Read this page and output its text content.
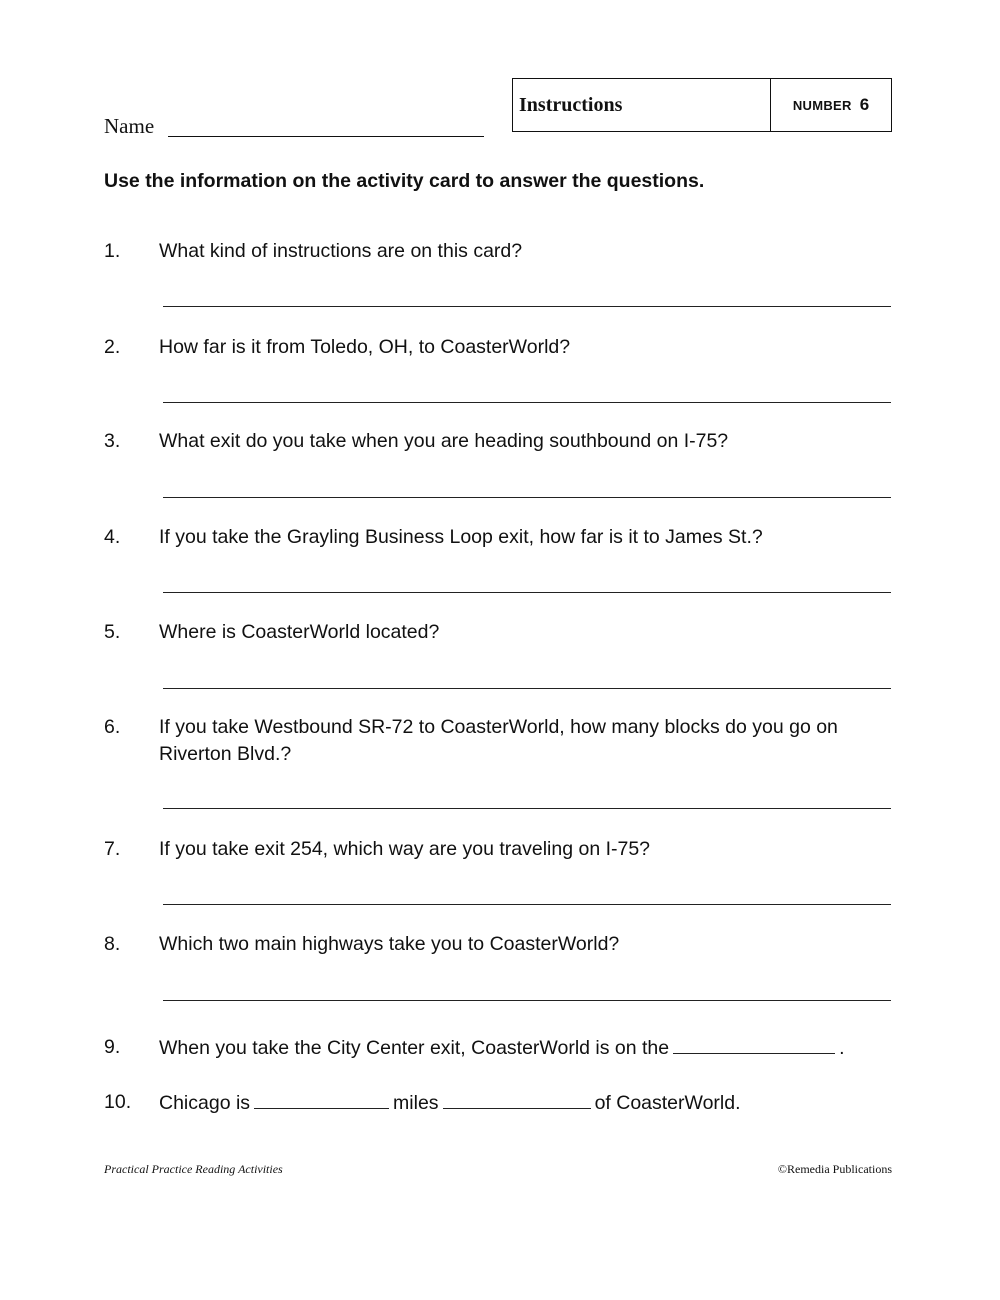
Name
Instructions	NUMBER 6
Use the information on the activity card to answer the questions.
1. What kind of instructions are on this card?
2. How far is it from Toledo, OH, to CoasterWorld?
3. What exit do you take when you are heading southbound on I-75?
4. If you take the Grayling Business Loop exit, how far is it to James St.?
5. Where is CoasterWorld located?
6. If you take Westbound SR-72 to CoasterWorld, how many blocks do you go on Riverton Blvd.?
7. If you take exit 254, which way are you traveling on I-75?
8. Which two main highways take you to CoasterWorld?
9. When you take the City Center exit, CoasterWorld is on the	.
10. Chicago is	miles	of CoasterWorld.
Practical Practice Reading Activities	©Remedia Publications
